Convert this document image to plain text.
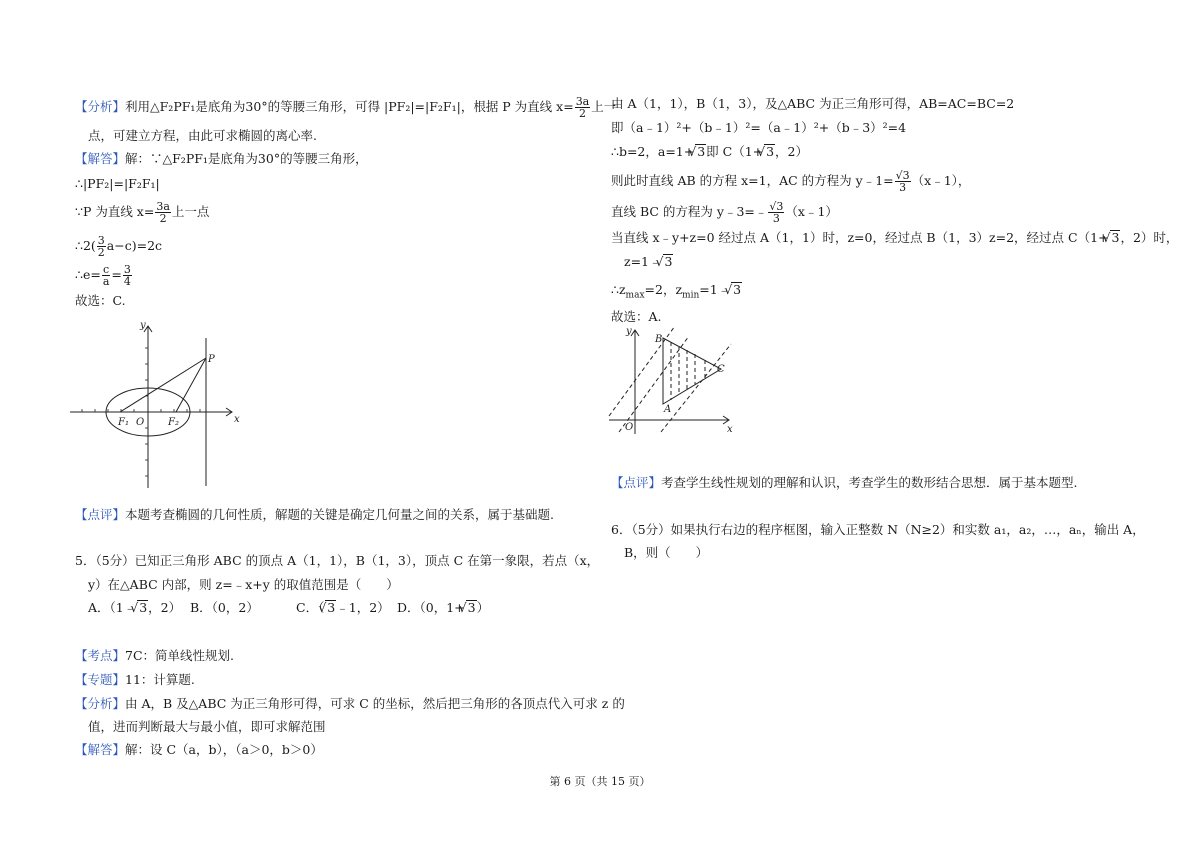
【分析】利用△F₂PF₁是底角为30°的等腰三角形，可得 |PF₂|=|F₂F₁|，根据 P 为直线 $x= \frac{3a}{2}$ 上一
点，可建立方程，由此可求椭圆的离心率.
【解答】解：∵△F₂PF₁是底角为30°的等腰三角形，
∴|PF₂|=|F₂F₁|
∵P 为直线 $x= \frac{3a}{2}$ 上一点
∴2( $\frac{3}{2} a-c)=2c$
∴e= $\frac{c}{a} = \frac{3}{4}$
故选：C.
y
x
O
P
F₁	F₂
【点评】本题考查椭圆的几何性质，解题的关键是确定几何量之间的关系，属于基础题.
5．（5分）已知正三角形 ABC 的顶点 A（1，1），B（1，3），顶点 C 在第一象限，若点（x，
y）在△ABC 内部，则 z=﹣x+y 的取值范围是（　　）
A．（1﹣√ 3，2） B．（0，2）	C．（√ 3﹣1，2） D．（0，1+√ 3）
【考点】7C：简单线性规划.
【专题】11：计算题.
【分析】由 A，B 及△ABC 为正三角形可得，可求 C 的坐标，然后把三角形的各顶点代入可求 z 的
值，进而判断最大与最小值，即可求解范围
【解答】解：设 C（a，b），（a＞0，b＞0）
由 A（1，1），B（1，3），及△ABC 为正三角形可得，AB=AC=BC=2
即（a﹣1）²+（b﹣1）²=（a﹣1）²+（b﹣3）²=4
∴b=2，a=1+√ 3即 C（1+√ 3，2）
则此时直线 AB 的方程 x=1，AC 的方程为 y﹣1= $\frac{√3}{3}$ （x﹣1），
直线 BC 的方程为 y﹣3=﹣ $\frac{√3}{3}$ （x﹣1）
当直线 x﹣y+z=0 经过点 A（1，1）时，z=0，经过点 B（1，3）z=2，经过点 C（1+√ 3，2）时，
z=1﹣√ 3
$\therefore z_{max}=2$，$z_{min}=1﹣√$ 3
故选：A.
y
x
O
B
A
C
【点评】考查学生线性规划的理解和认识，考查学生的数形结合思想．属于基本题型.
6．（5分）如果执行右边的程序框图，输入正整数 N（N≥2）和实数 a₁，a₂，…，aₙ，输出 A，
B，则（　　）
第 6 页（共 15 页）
